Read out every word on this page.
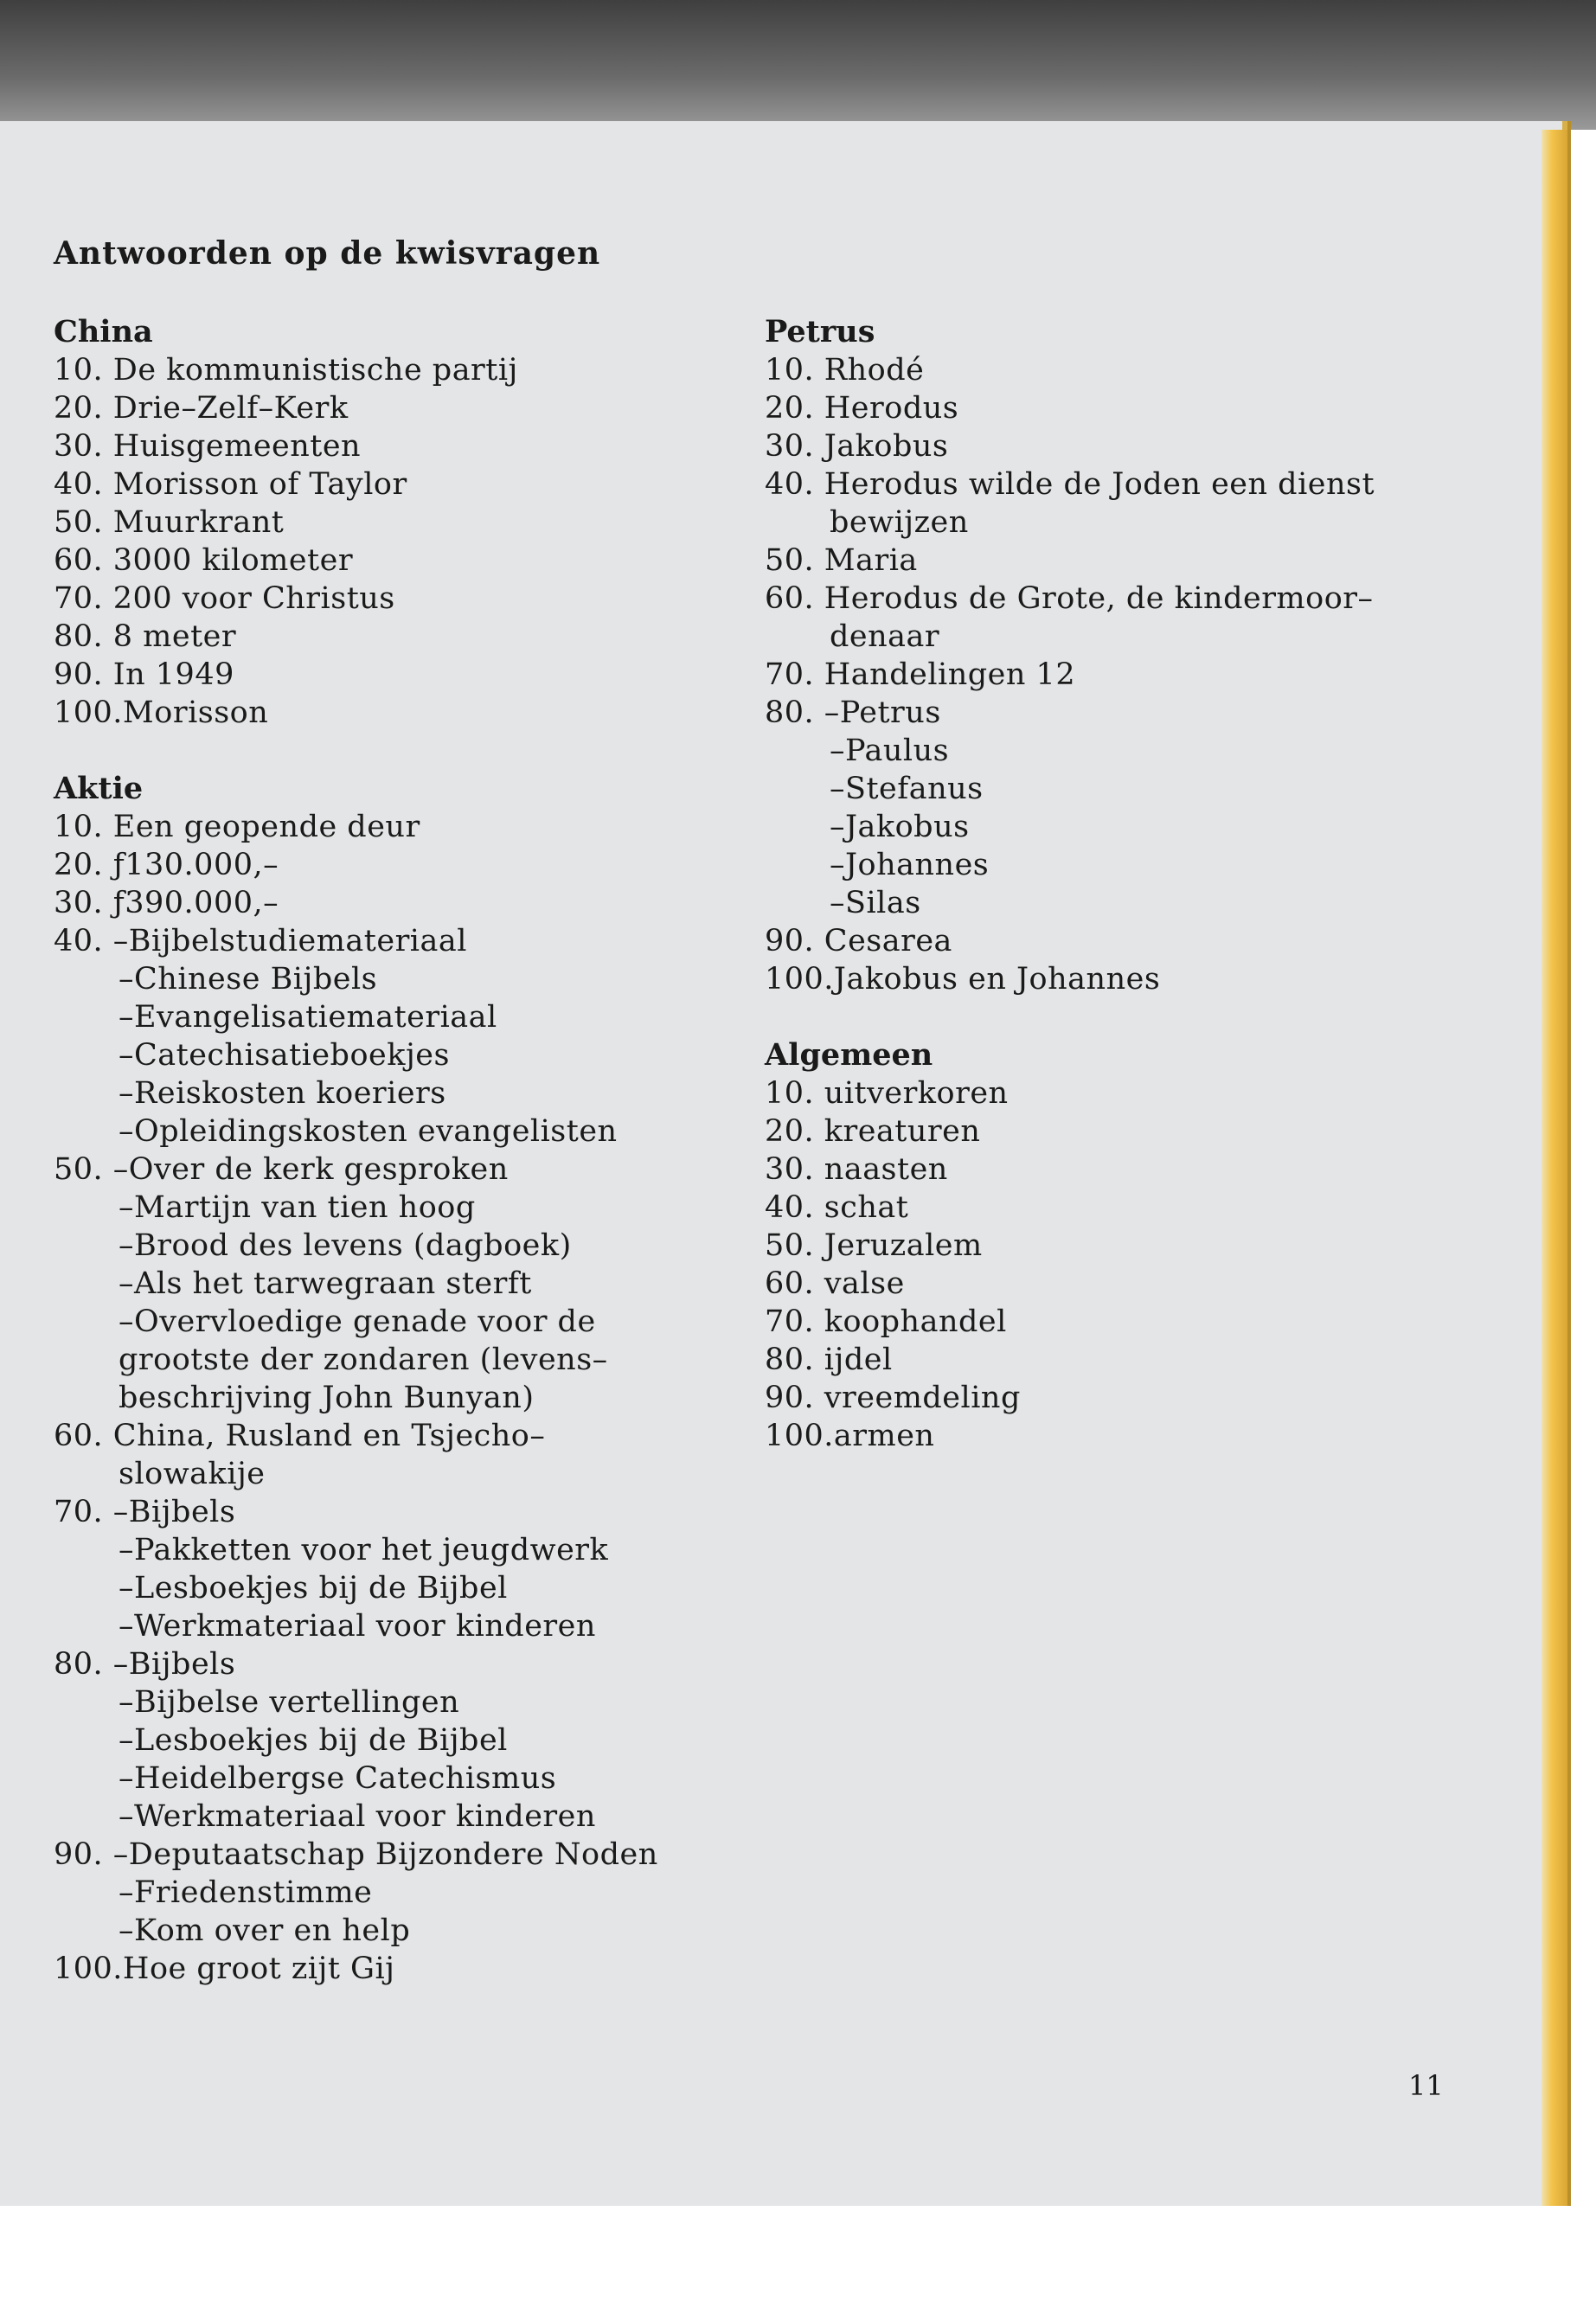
Antwoorden op de kwisvragen
China
10. De kommunistische partij
20. Drie–Zelf–Kerk
30. Huisgemeenten
40. Morisson of Taylor
50. Muurkrant
60. 3000 kilometer
70. 200 voor Christus
80. 8 meter
90. In 1949
100.Morisson
Aktie
10. Een geopende deur
20. ƒ130.000,–
30. ƒ390.000,–
40. –Bijbelstudiemateriaal
–Chinese Bijbels
–Evangelisatiemateriaal
–Catechisatieboekjes
–Reiskosten koeriers
–Opleidingskosten evangelisten
50. –Over de kerk gesproken
–Martijn van tien hoog
–Brood des levens (dagboek)
–Als het tarwegraan sterft
–Overvloedige genade voor de
grootste der zondaren (levens–
beschrijving John Bunyan)
60. China, Rusland en Tsjecho–
slowakije
70. –Bijbels
–Pakketten voor het jeugdwerk
–Lesboekjes bij de Bijbel
–Werkmateriaal voor kinderen
80. –Bijbels
–Bijbelse vertellingen
–Lesboekjes bij de Bijbel
–Heidelbergse Catechismus
–Werkmateriaal voor kinderen
90. –Deputaatschap Bijzondere Noden
–Friedenstimme
–Kom over en help
100.Hoe groot zijt Gij
Petrus
10. Rhodé
20. Herodus
30. Jakobus
40. Herodus wilde de Joden een dienst
bewijzen
50. Maria
60. Herodus de Grote, de kindermoor–
denaar
70. Handelingen 12
80. –Petrus
–Paulus
–Stefanus
–Jakobus
–Johannes
–Silas
90. Cesarea
100.Jakobus en Johannes
Algemeen
10. uitverkoren
20. kreaturen
30. naasten
40. schat
50. Jeruzalem
60. valse
70. koophandel
80. ijdel
90. vreemdeling
100.armen
11
